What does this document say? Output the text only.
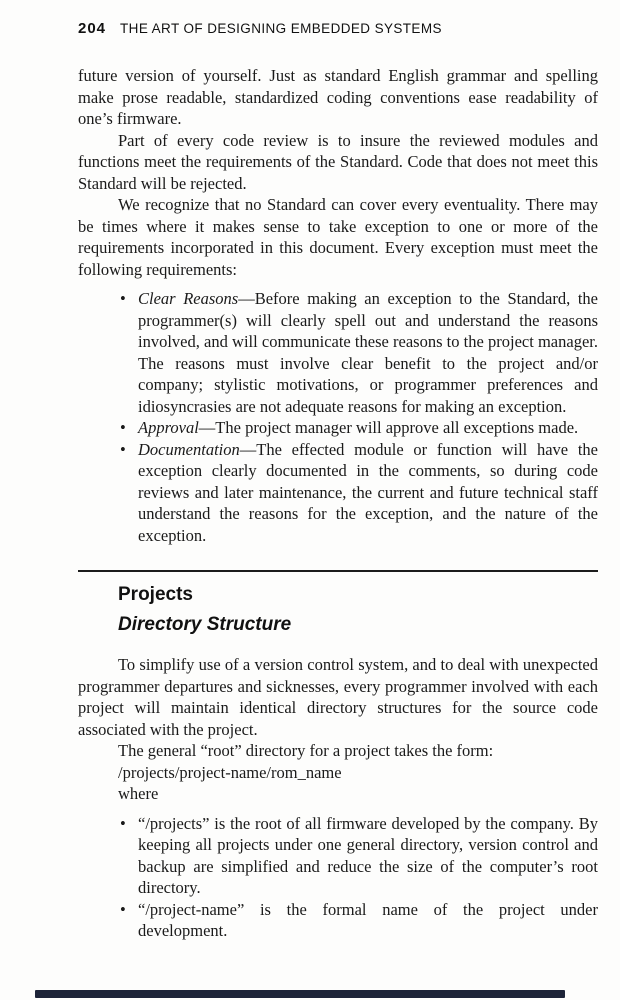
204 THE ART OF DESIGNING EMBEDDED SYSTEMS

future version of yourself. Just as standard English grammar and spelling make prose readable, standardized coding conventions ease readability of one’s firmware.

Part of every code review is to insure the reviewed modules and functions meet the requirements of the Standard. Code that does not meet this Standard will be rejected.

We recognize that no Standard can cover every eventuality. There may be times where it makes sense to take exception to one or more of the requirements incorporated in this document. Every exception must meet the following requirements:

• Clear Reasons—Before making an exception to the Standard, the programmer(s) will clearly spell out and understand the reasons involved, and will communicate these reasons to the project manager. The reasons must involve clear benefit to the project and/or company; stylistic motivations, or programmer preferences and idiosyncrasies are not adequate reasons for making an exception.
• Approval—The project manager will approve all exceptions made.
• Documentation—The effected module or function will have the exception clearly documented in the comments, so during code reviews and later maintenance, the current and future technical staff understand the reasons for the exception, and the nature of the exception.
Projects
Directory Structure

To simplify use of a version control system, and to deal with unexpected programmer departures and sicknesses, every programmer involved with each project will maintain identical directory structures for the source code associated with the project.

The general “root” directory for a project takes the form:

/projects/project-name/rom_name

where

• “/projects” is the root of all firmware developed by the company. By keeping all projects under one general directory, version control and backup are simplified and reduce the size of the computer’s root directory.
• “/project-name” is the formal name of the project under development.
